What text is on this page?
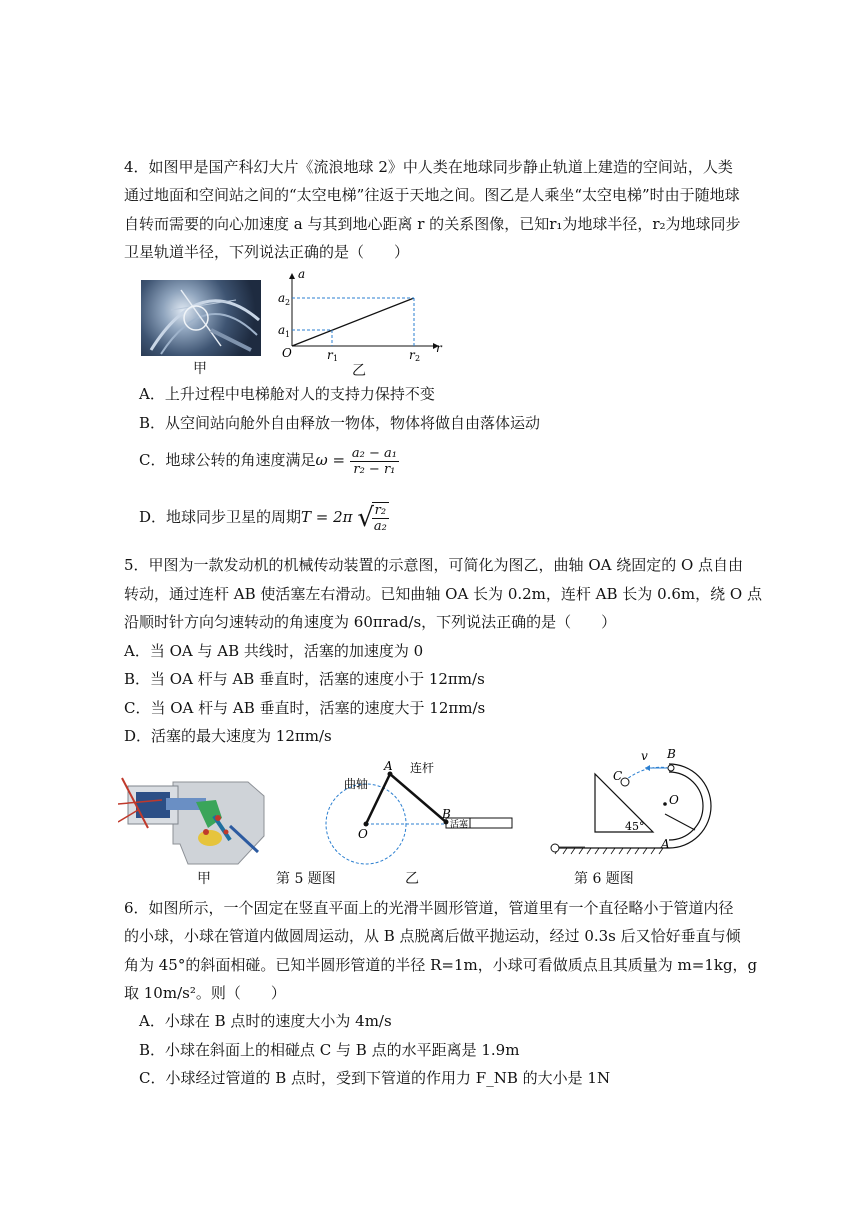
4．如图甲是国产科幻大片《流浪地球 2》中人类在地球同步静止轨道上建造的空间站，人类
通过地面和空间站之间的“太空电梯”往返于天地之间。图乙是人乘坐“太空电梯”时由于随地球
自转而需要的向心加速度 a 与其到地心距离 r 的关系图像，已知r₁为地球半径，r₂为地球同步
卫星轨道半径，下列说法正确的是（　　）
甲
a
r
O
a 2
a 1
r 1	r 2
乙
A．上升过程中电梯舱对人的支持力保持不变
B．从空间站向舱外自由释放一物体，物体将做自由落体运动
C．地球公转的角速度满足$\omega = \frac{\text{a₂ − a₁}}{\text{r₂ − r₁}}$
D．地球同步卫星的周期T = 2π √
$\frac{\text{r₂}}{\text{a₂}}$
5．甲图为一款发动机的机械传动装置的示意图，可简化为图乙，曲轴 OA 绕固定的 O 点自由
转动，通过连杆 AB 使活塞左右滑动。已知曲轴 OA 长为 0.2m，连杆 AB 长为 0.6m，绕 O 点
沿顺时针方向匀速转动的角速度为 60πrad/s，下列说法正确的是（　　）
A．当 OA 与 AB 共线时，活塞的加速度为 0
B．当 OA 杆与 AB 垂直时，活塞的速度小于 12πm/s
C．当 OA 杆与 AB 垂直时，活塞的速度大于 12πm/s
D．活塞的最大速度为 12πm/s
甲	第 5 题图
曲轴
连杆
活塞
A
B
O
乙
v B
C
O
A
45°
第 6 题图
6．如图所示，一个固定在竖直平面上的光滑半圆形管道，管道里有一个直径略小于管道内径
的小球，小球在管道内做圆周运动，从 B 点脱离后做平抛运动，经过 0.3s 后又恰好垂直与倾
角为 45°的斜面相碰。已知半圆形管道的半径 R=1m，小球可看做质点且其质量为 m=1kg，g
取 10m/s²。则（　　）
A．小球在 B 点时的速度大小为 4m/s
B．小球在斜面上的相碰点 C 与 B 点的水平距离是 1.9m
C．小球经过管道的 B 点时，受到下管道的作用力 F_NB 的大小是 1N
